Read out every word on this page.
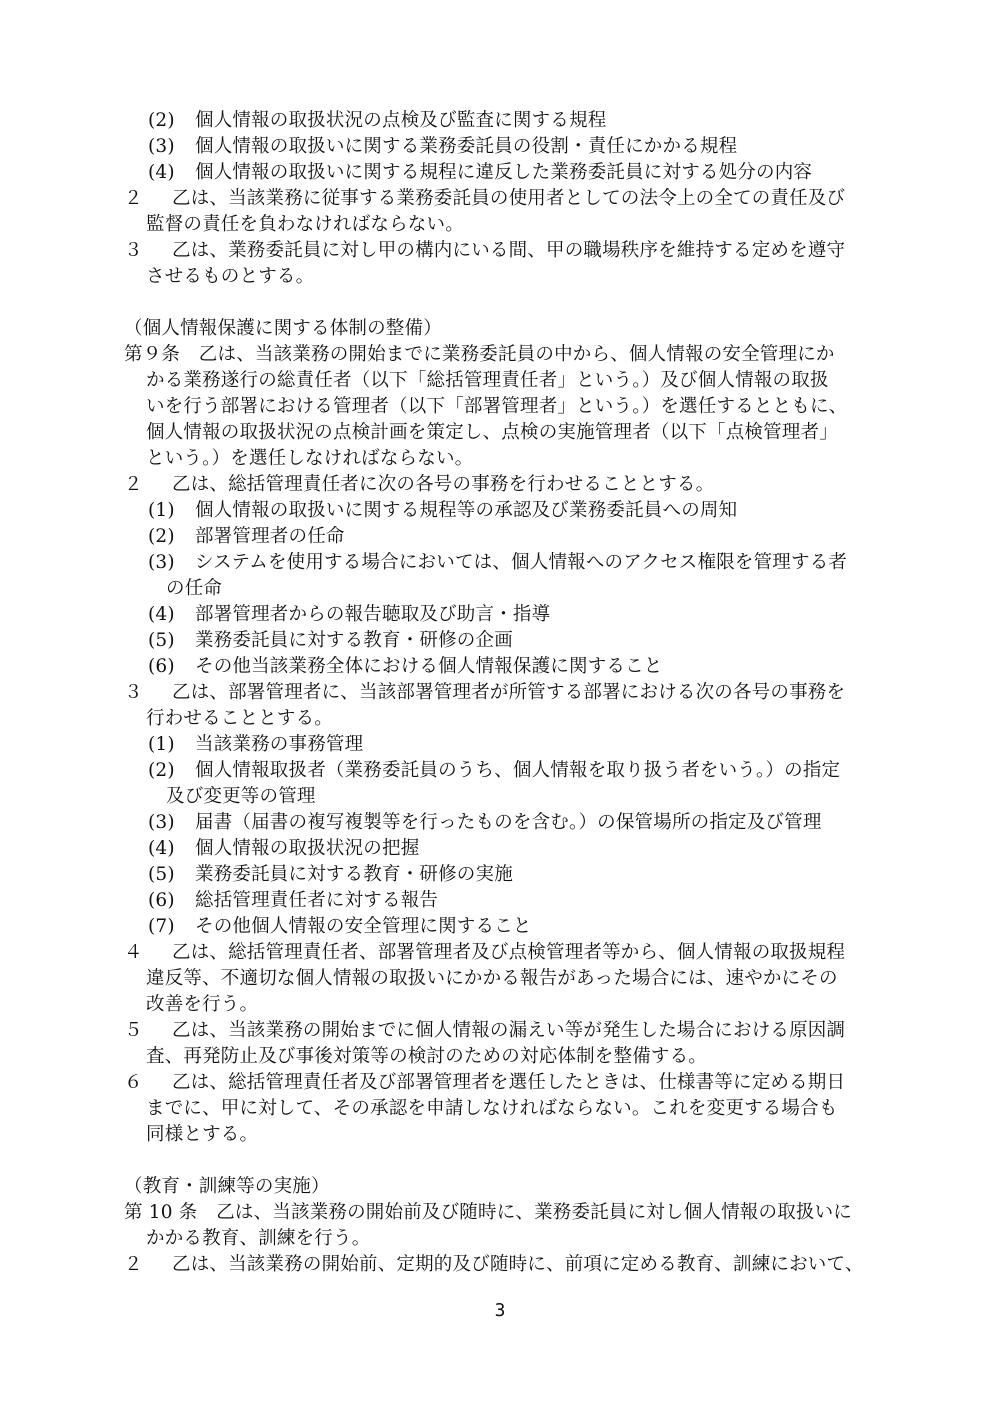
(2) 個人情報の取扱状況の点検及び監査に関する規程
(3) 個人情報の取扱いに関する業務委託員の役割・責任にかかる規程
(4) 個人情報の取扱いに関する規程に違反した業務委託員に対する処分の内容
２ 乙は、当該業務に従事する業務委託員の使用者としての法令上の全ての責任及び
監督の責任を負わなければならない。
３ 乙は、業務委託員に対し甲の構内にいる間、甲の職場秩序を維持する定めを遵守
させるものとする。
（個人情報保護に関する体制の整備）
第９条　乙は、当該業務の開始までに業務委託員の中から、個人情報の安全管理にか
かる業務遂行の総責任者（以下「総括管理責任者」という。）及び個人情報の取扱
いを行う部署における管理者（以下「部署管理者」という。）を選任するとともに、
個人情報の取扱状況の点検計画を策定し、点検の実施管理者（以下「点検管理者」
という。）を選任しなければならない。
２ 乙は、総括管理責任者に次の各号の事務を行わせることとする。
(1) 個人情報の取扱いに関する規程等の承認及び業務委託員への周知
(2) 部署管理者の任命
(3) システムを使用する場合においては、個人情報へのアクセス権限を管理する者
の任命
(4) 部署管理者からの報告聴取及び助言・指導
(5) 業務委託員に対する教育・研修の企画
(6) その他当該業務全体における個人情報保護に関すること
３ 乙は、部署管理者に、当該部署管理者が所管する部署における次の各号の事務を
行わせることとする。
(1) 当該業務の事務管理
(2) 個人情報取扱者（業務委託員のうち、個人情報を取り扱う者をいう。）の指定
及び変更等の管理
(3) 届書（届書の複写複製等を行ったものを含む。）の保管場所の指定及び管理
(4) 個人情報の取扱状況の把握
(5) 業務委託員に対する教育・研修の実施
(6) 総括管理責任者に対する報告
(7) その他個人情報の安全管理に関すること
４ 乙は、総括管理責任者、部署管理者及び点検管理者等から、個人情報の取扱規程
違反等、不適切な個人情報の取扱いにかかる報告があった場合には、速やかにその
改善を行う。
５ 乙は、当該業務の開始までに個人情報の漏えい等が発生した場合における原因調
査、再発防止及び事後対策等の検討のための対応体制を整備する。
６ 乙は、総括管理責任者及び部署管理者を選任したときは、仕様書等に定める期日
までに、甲に対して、その承認を申請しなければならない。これを変更する場合も
同様とする。
（教育・訓練等の実施）
第 10 条　乙は、当該業務の開始前及び随時に、業務委託員に対し個人情報の取扱いに
かかる教育、訓練を行う。
２ 乙は、当該業務の開始前、定期的及び随時に、前項に定める教育、訓練において、
3
